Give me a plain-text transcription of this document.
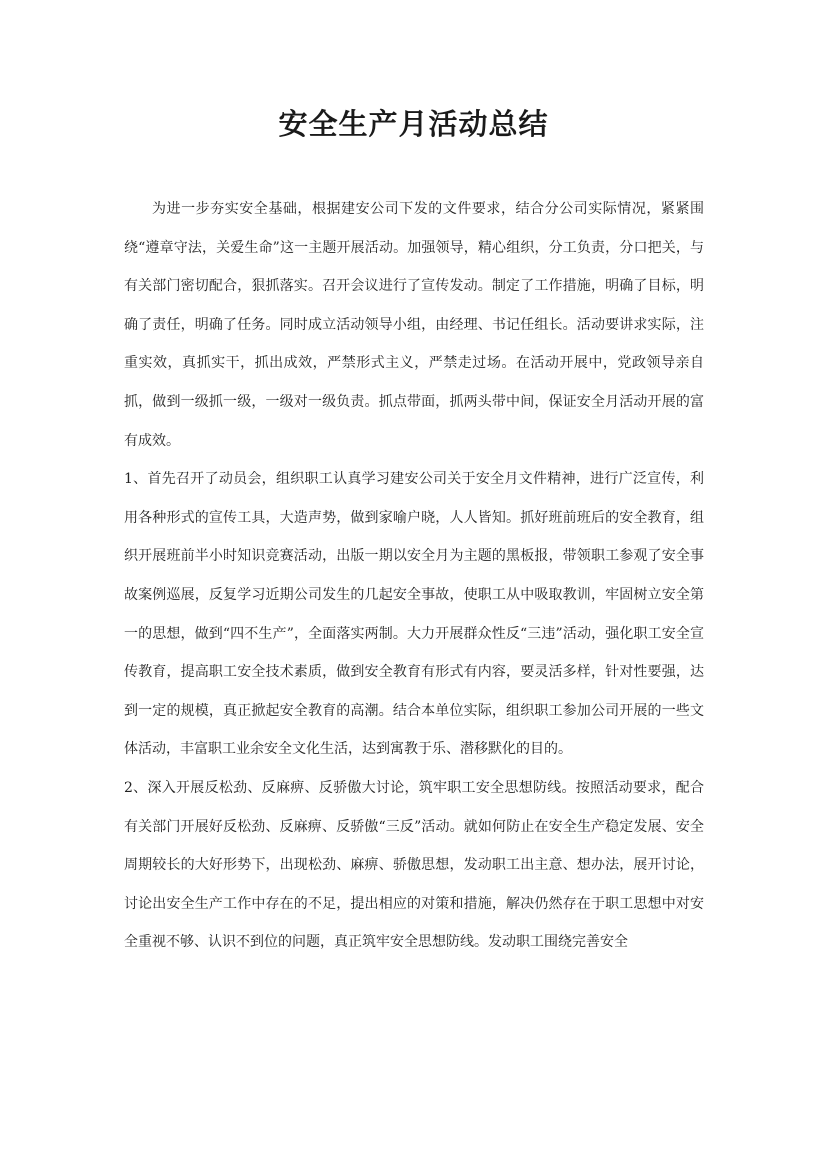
安全生产月活动总结

为进一步夯实安全基础，根据建安公司下发的文件要求，结合分公司实际情况，紧紧围绕“遵章守法，关爱生命”这一主题开展活动。加强领导，精心组织，分工负责，分口把关，与有关部门密切配合，狠抓落实。召开会议进行了宣传发动。制定了工作措施，明确了目标，明确了责任，明确了任务。同时成立活动领导小组，由经理、书记任组长。活动要讲求实际，注重实效，真抓实干，抓出成效，严禁形式主义，严禁走过场。在活动开展中，党政领导亲自抓，做到一级抓一级，一级对一级负责。抓点带面，抓两头带中间，保证安全月活动开展的富有成效。

1、首先召开了动员会，组织职工认真学习建安公司关于安全月文件精神，进行广泛宣传，利用各种形式的宣传工具，大造声势，做到家喻户晓，人人皆知。抓好班前班后的安全教育，组织开展班前半小时知识竞赛活动，出版一期以安全月为主题的黑板报，带领职工参观了安全事故案例巡展，反复学习近期公司发生的几起安全事故，使职工从中吸取教训，牢固树立安全第一的思想，做到“四不生产”，全面落实两制。大力开展群众性反“三违”活动，强化职工安全宣传教育，提高职工安全技术素质，做到安全教育有形式有内容，要灵活多样，针对性要强，达到一定的规模，真正掀起安全教育的高潮。结合本单位实际，组织职工参加公司开展的一些文体活动，丰富职工业余安全文化生活，达到寓教于乐、潜移默化的目的。

2、深入开展反松劲、反麻痹、反骄傲大讨论，筑牢职工安全思想防线。按照活动要求，配合有关部门开展好反松劲、反麻痹、反骄傲“三反”活动。就如何防止在安全生产稳定发展、安全周期较长的大好形势下，出现松劲、麻痹、骄傲思想，发动职工出主意、想办法，展开讨论，讨论出安全生产工作中存在的不足，提出相应的对策和措施，解决仍然存在于职工思想中对安全重视不够、认识不到位的问题，真正筑牢安全思想防线。发动职工围绕完善安全
